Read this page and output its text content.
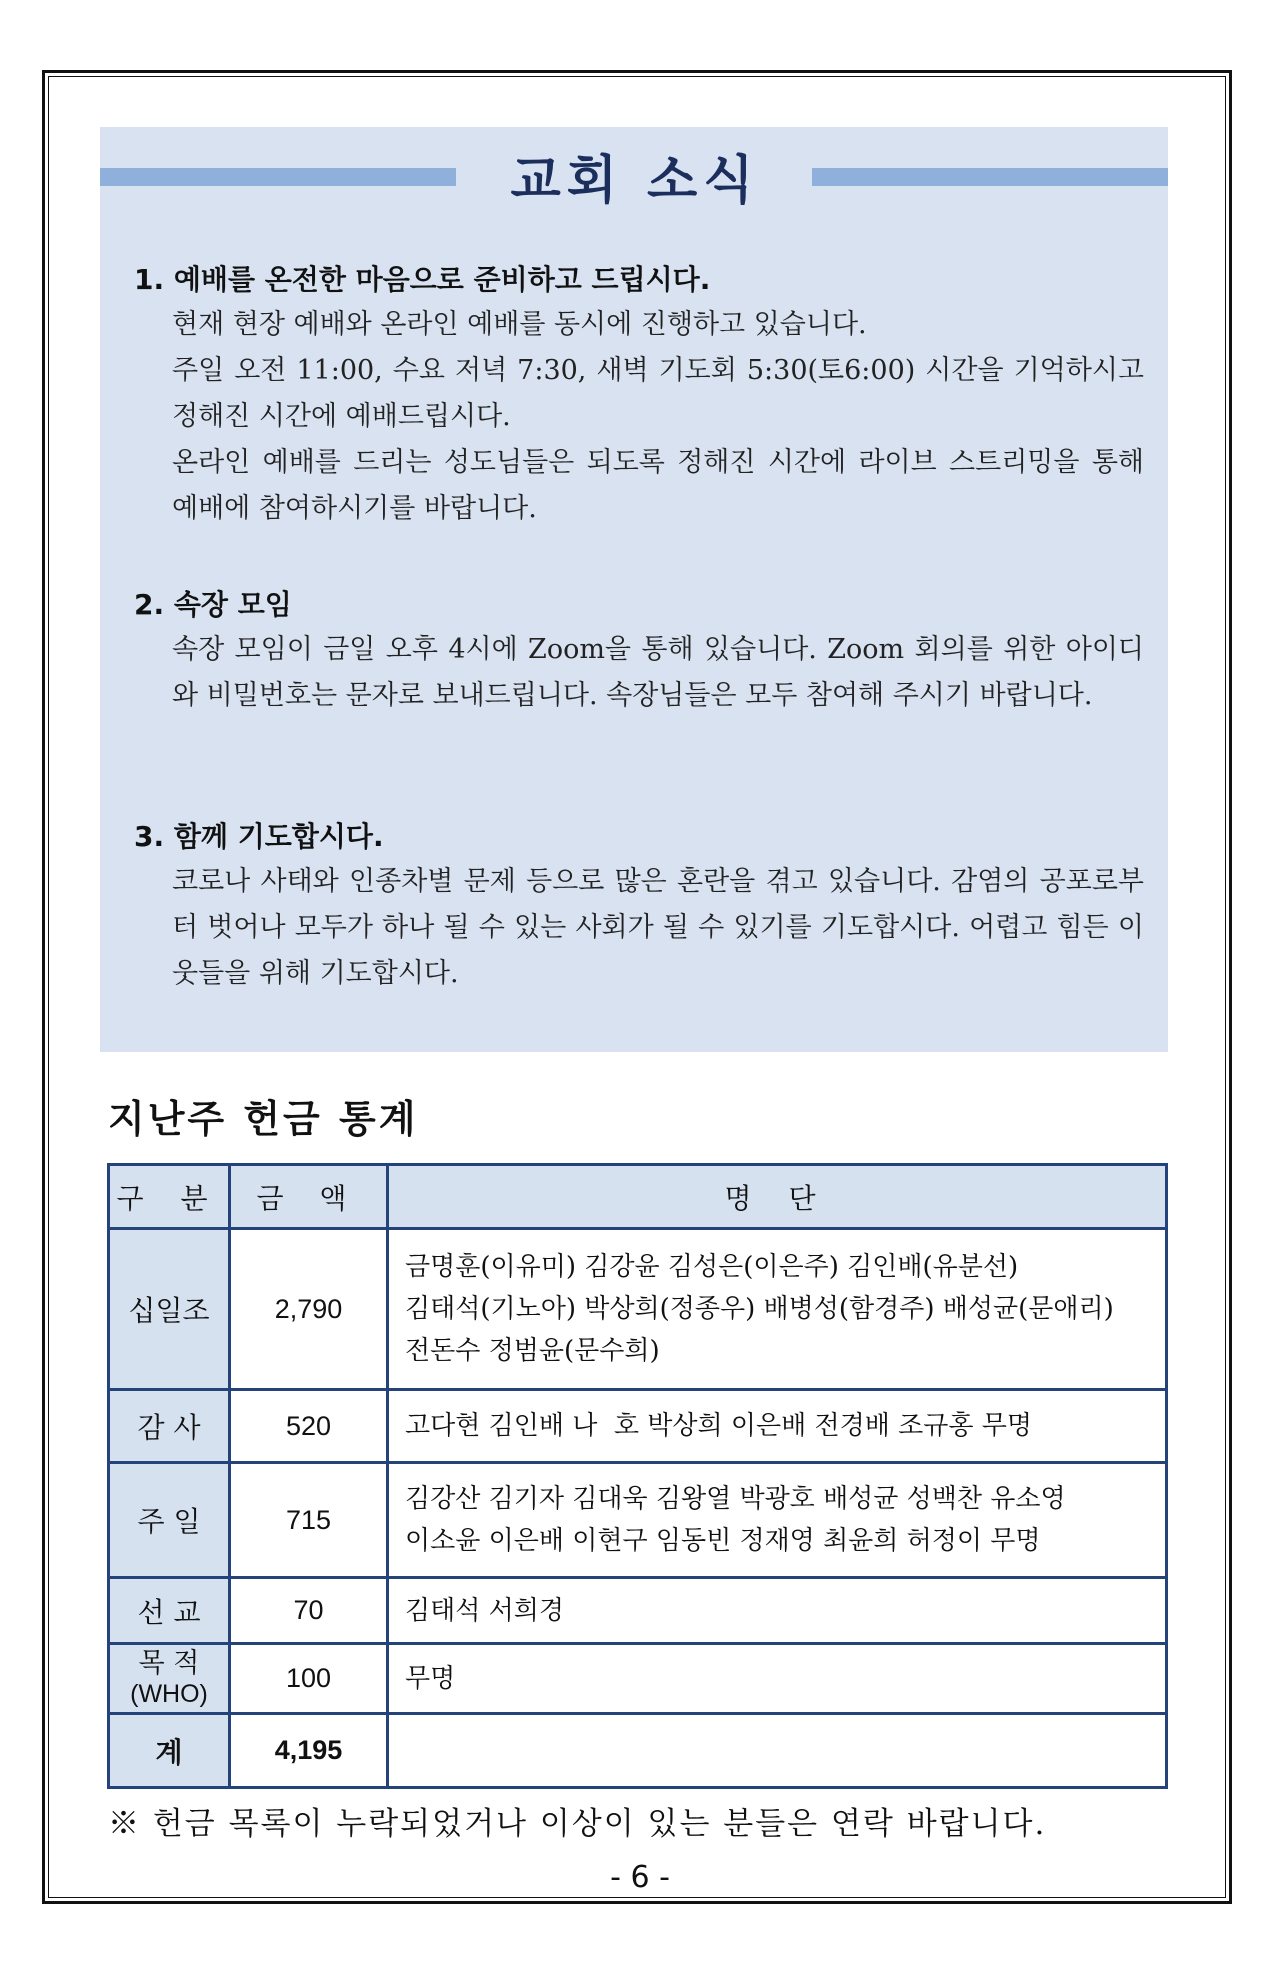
교회 소식
1. 예배를 온전한 마음으로 준비하고 드립시다.

현재 현장 예배와 온라인 예배를 동시에 진행하고 있습니다.

주일 오전 11:00, 수요 저녁 7:30, 새벽 기도회 5:30(토6:00) 시간을 기억하시고 정해진 시간에 예배드립시다.

온라인 예배를 드리는 성도님들은 되도록 정해진 시간에 라이브 스트리밍을 통해 예배에 참여하시기를 바랍니다.

2. 속장 모임

속장 모임이 금일 오후 4시에 Zoom을 통해 있습니다. Zoom 회의를 위한 아이디와 비밀번호는 문자로 보내드립니다. 속장님들은 모두 참여해 주시기 바랍니다.

3. 함께 기도합시다.

코로나 사태와 인종차별 문제 등으로 많은 혼란을 겪고 있습니다. 감염의 공포로부터 벗어나 모두가 하나 될 수 있는 사회가 될 수 있기를 기도합시다. 어렵고 힘든 이웃들을 위해 기도합시다.

지난주 헌금 통계
구 분	금 액	명 단
십일조	2,790	금명훈(이유미) 김강윤 김성은(이은주) 김인배(유분선)
김태석(기노아) 박상희(정종우) 배병성(함경주) 배성균(문애리)
전돈수 정범윤(문수희)

감 사	520	고다현 김인배 나  호 박상희 이은배 전경배 조규홍 무명

주 일	715	김강산 김기자 김대욱 김왕열 박광호 배성균 성백찬 유소영
이소윤 이은배 이현구 임동빈 정재영 최윤희 허정이 무명

선 교	70	김태석 서희경

목 적
(WHO)	100	무명

계	4,195	
※ 헌금 목록이 누락되었거나 이상이 있는 분들은 연락 바랍니다.
- 6 -
